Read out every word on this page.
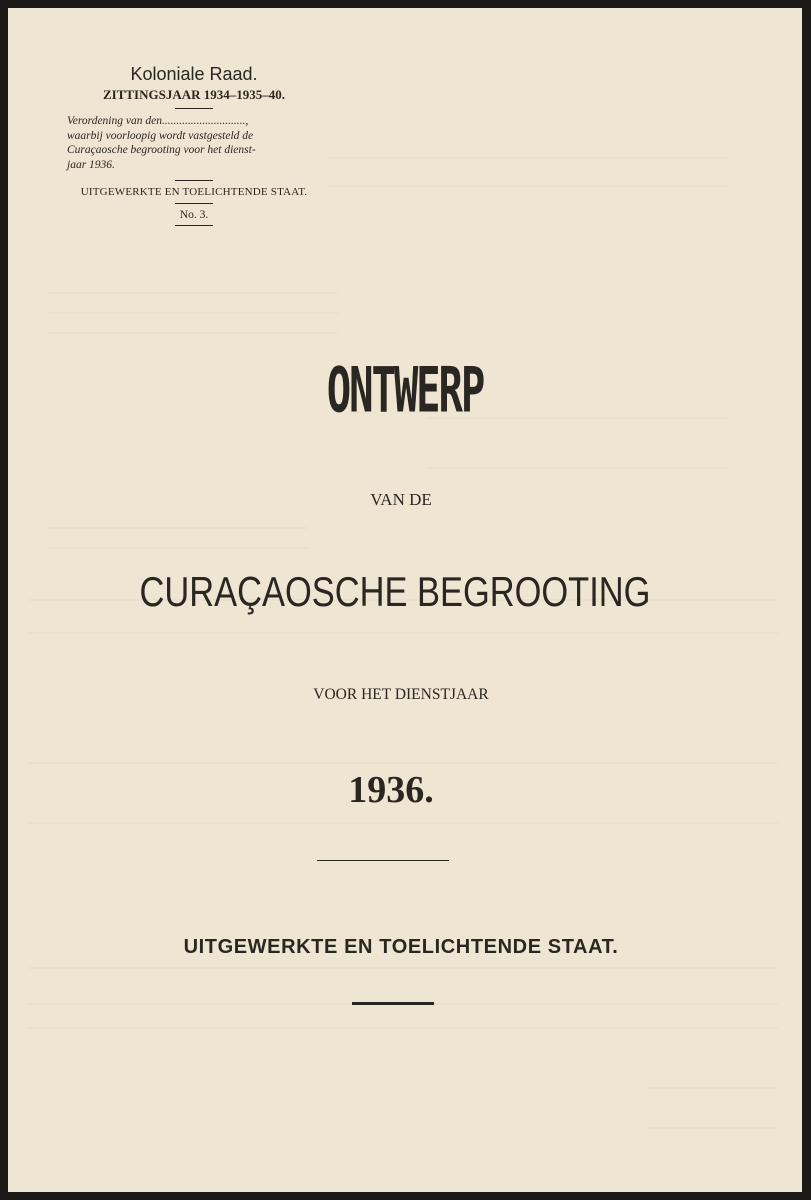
Koloniale Raad.
ZITTINGSJAAR 1934–1935–40.
Verordening van den.............................,
waarbij voorloopig wordt vastgesteld de
Curaçaosche begrooting voor het dienst-
jaar 1936.
UITGEWERKTE EN TOELICHTENDE STAAT.
No. 3.
ONTWERP
VAN DE
CURAÇAOSCHE BEGROOTING
VOOR HET DIENSTJAAR
1936.
UITGEWERKTE EN TOELICHTENDE STAAT.
